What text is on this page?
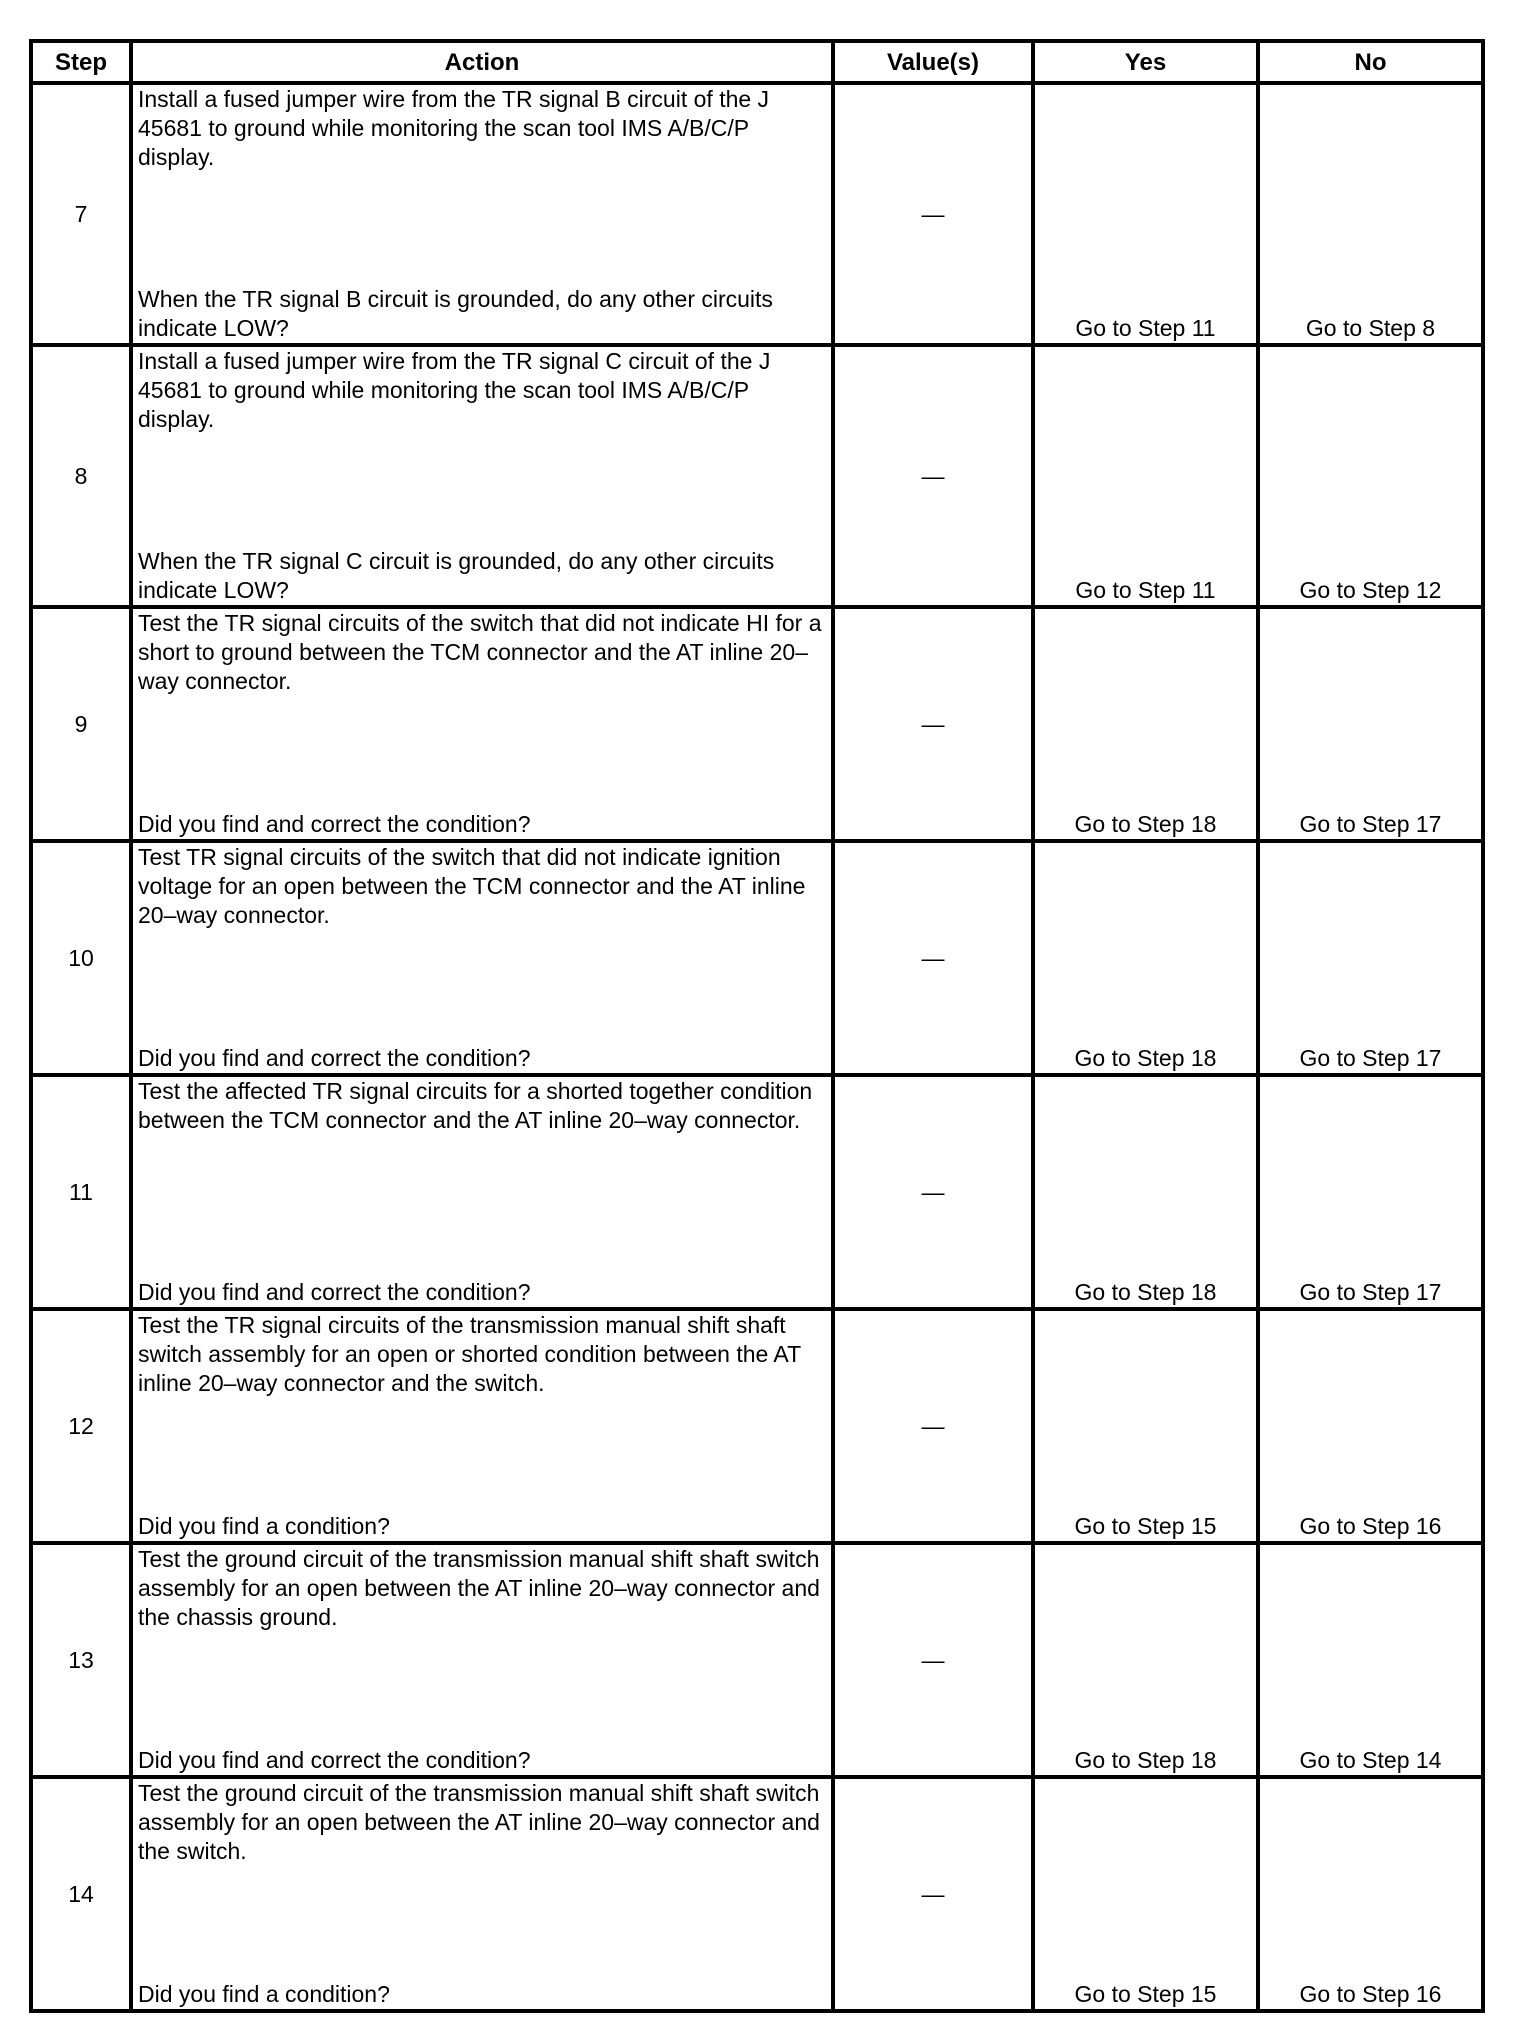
Step	Action	Value(s)	Yes	No
7	Install a fused jumper wire from the TR signal B circuit of the J 45681 to ground while monitoring the scan tool IMS A/B/C/P display.
When the TR signal B circuit is grounded, do any other circuits indicate LOW?	—	Go to Step 11	Go to Step 8
8	Install a fused jumper wire from the TR signal C circuit of the J 45681 to ground while monitoring the scan tool IMS A/B/C/P display.
When the TR signal C circuit is grounded, do any other circuits indicate LOW?	—	Go to Step 11	Go to Step 12
9	Test the TR signal circuits of the switch that did not indicate HI for a short to ground between the TCM connector and the AT inline 20–way connector.
Did you find and correct the condition?	—	Go to Step 18	Go to Step 17
10	Test TR signal circuits of the switch that did not indicate ignition voltage for an open between the TCM connector and the AT inline 20–way connector.
Did you find and correct the condition?	—	Go to Step 18	Go to Step 17
11	Test the affected TR signal circuits for a shorted together condition between the TCM connector and the AT inline 20–way connector.
Did you find and correct the condition?	—	Go to Step 18	Go to Step 17
12	Test the TR signal circuits of the transmission manual shift shaft switch assembly for an open or shorted condition between the AT inline 20–way connector and the switch.
Did you find a condition?	—	Go to Step 15	Go to Step 16
13	Test the ground circuit of the transmission manual shift shaft switch assembly for an open between the AT inline 20–way connector and the chassis ground.
Did you find and correct the condition?	—	Go to Step 18	Go to Step 14
14	Test the ground circuit of the transmission manual shift shaft switch assembly for an open between the AT inline 20–way connector and the switch.
Did you find a condition?	—	Go to Step 15	Go to Step 16
